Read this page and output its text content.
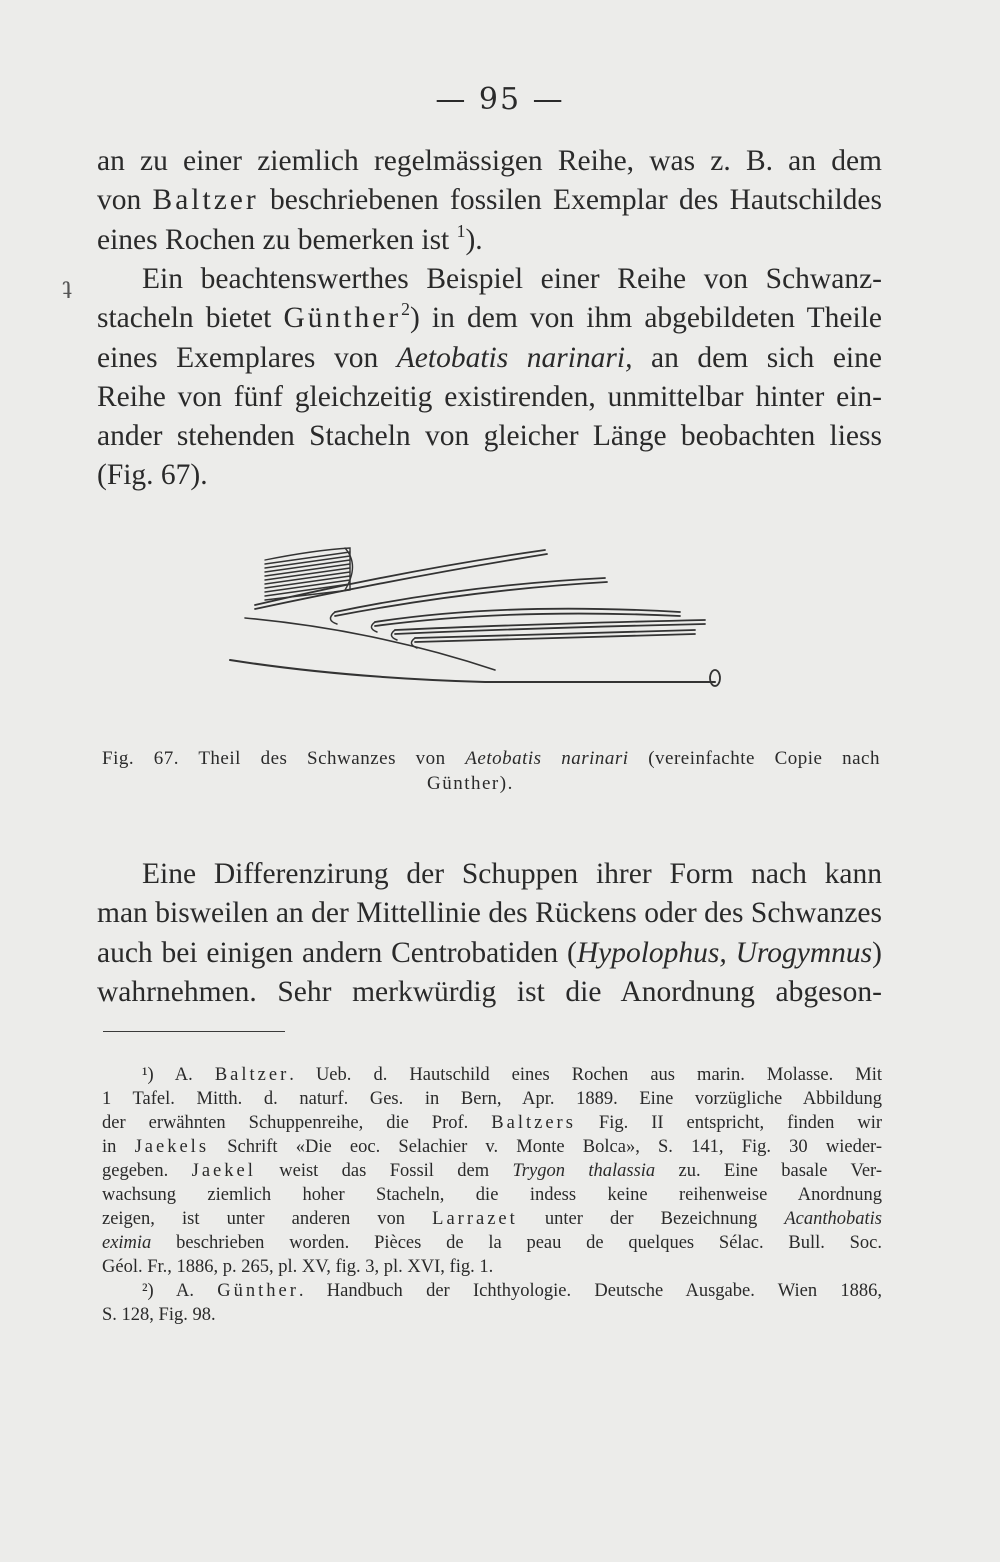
ʇ
— 95 —

an zu einer ziemlich regelmässigen Reihe, was z. B. an dem
von Baltzer beschriebenen fossilen Exemplar des Hautschildes
eines Rochen zu bemerken ist $^1$).

Ein beachtenswerthes Beispiel einer Reihe von Schwanz-
stacheln bietet Günther$^2$) in dem von ihm abgebildeten Theile
eines Exemplares von Aetobatis narinari, an dem sich eine
Reihe von fünf gleichzeitig existirenden, unmittelbar hinter ein-
ander stehenden Stacheln von gleicher Länge beobachten liess
(Fig. 67).

Fig. 67. Theil des Schwanzes von Aetobatis narinari (vereinfachte Copie nach
Günther).

Eine Differenzirung der Schuppen ihrer Form nach kann
man bisweilen an der Mittellinie des Rückens oder des Schwanzes
auch bei einigen andern Centrobatiden (Hypolophus, Urogymnus)
wahrnehmen. Sehr merkwürdig ist die Anordnung abgeson-

¹) A. Baltzer. Ueb. d. Hautschild eines Rochen aus marin. Molasse. Mit
1 Tafel. Mitth. d. naturf. Ges. in Bern, Apr. 1889. Eine vorzügliche Abbildung
der erwähnten Schuppenreihe, die Prof. Baltzers Fig. II entspricht, finden wir
in Jaekels Schrift «Die eoc. Selachier v. Monte Bolca», S. 141, Fig. 30 wieder-
gegeben. Jaekel weist das Fossil dem Trygon thalassia zu. Eine basale Ver-
wachsung ziemlich hoher Stacheln, die indess keine reihenweise Anordnung
zeigen, ist unter anderen von Larrazet unter der Bezeichnung Acanthobatis
eximia beschrieben worden. Pièces de la peau de quelques Sélac. Bull. Soc.
Géol. Fr., 1886, p. 265, pl. XV, fig. 3, pl. XVI, fig. 1.
²) A. Günther. Handbuch der Ichthyologie. Deutsche Ausgabe. Wien 1886,
S. 128, Fig. 98.
